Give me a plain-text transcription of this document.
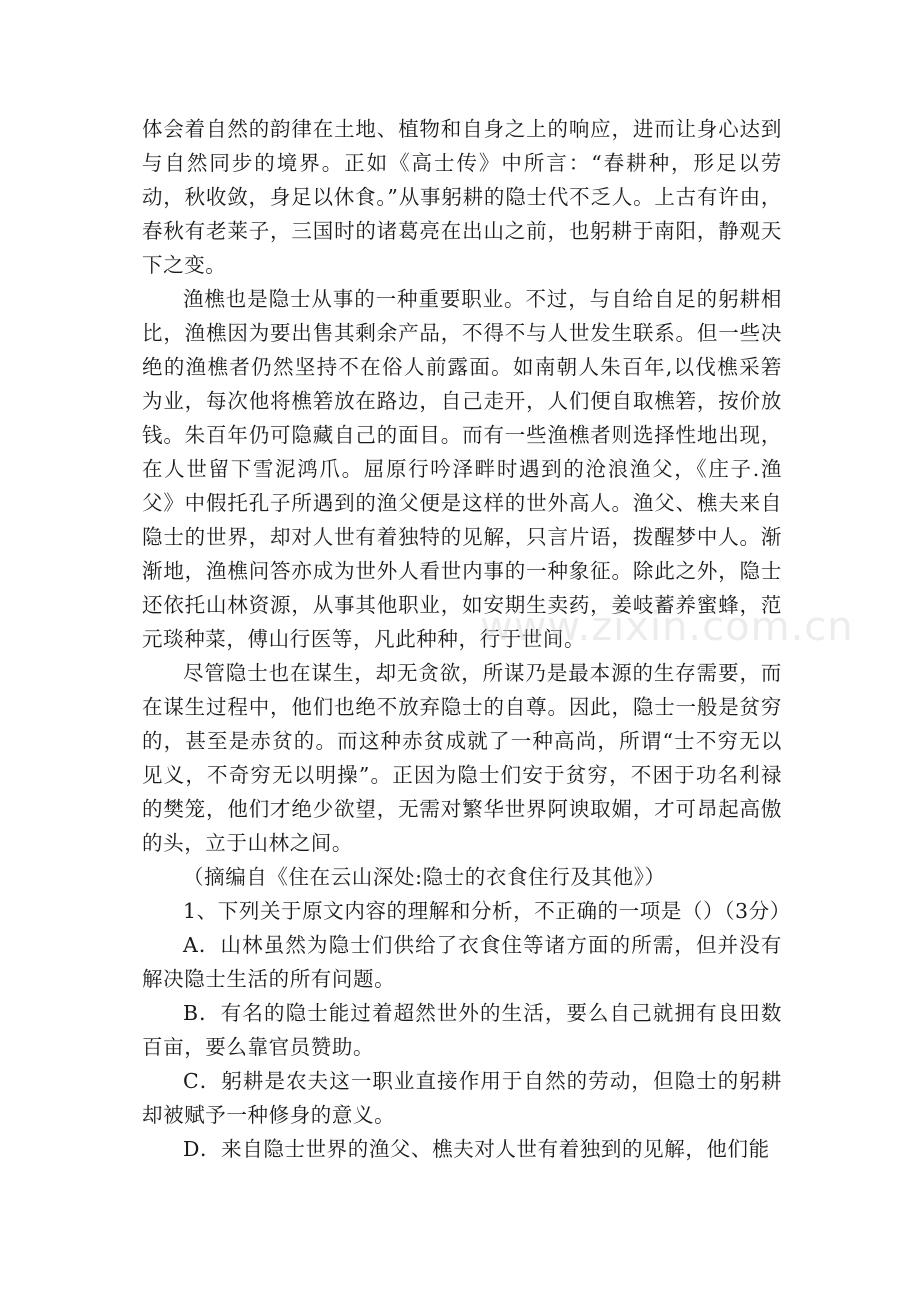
体会着自然的韵律在土地、植物和自身之上的响应，进而让身心达到与自然同步的境界。正如《高士传》中所言：“春耕种，形足以劳动，秋收敛，身足以休食。”从事躬耕的隐士代不乏人。上古有许由，春秋有老莱子，三国时的诸葛亮在出山之前，也躬耕于南阳，静观天下之变。

渔樵也是隐士从事的一种重要职业。不过，与自给自足的躬耕相比，渔樵因为要出售其剩余产品，不得不与人世发生联系。但一些决绝的渔樵者仍然坚持不在俗人前露面。如南朝人朱百年,以伐樵采箬为业，每次他将樵箬放在路边，自己走开，人们便自取樵箬，按价放钱。朱百年仍可隐藏自己的面目。而有一些渔樵者则选择性地出现，在人世留下雪泥鸿爪。屈原行吟泽畔时遇到的沧浪渔父，《庄子.渔父》中假托孔子所遇到的渔父便是这样的世外高人。渔父、樵夫来自隐士的世界，却对人世有着独特的见解，只言片语，拨醒梦中人。渐渐地，渔樵问答亦成为世外人看世内事的一种象征。除此之外，隐士还依托山林资源，从事其他职业，如安期生卖药，姜岐蓄养蜜蜂，范元琰种菜，傅山行医等，凡此种种，行于世间。

尽管隐士也在谋生，却无贪欲，所谋乃是最本源的生存需要，而在谋生过程中，他们也绝不放弃隐士的自尊。因此，隐士一般是贫穷的，甚至是赤贫的。而这种赤贫成就了一种高尚，所谓“士不穷无以见义，不奇穷无以明操”。正因为隐士们安于贫穷，不困于功名利禄的樊笼，他们才绝少欲望，无需对繁华世界阿谀取媚，才可昂起高傲的头，立于山林之间。

（摘编自《住在云山深处:隐士的衣食住行及其他》）

1、下列关于原文内容的理解和分析，不正确的一项是（）（3分）

A．山林虽然为隐士们供给了衣食住等诸方面的所需，但并没有解决隐士生活的所有问题。

B．有名的隐士能过着超然世外的生活，要么自己就拥有良田数百亩，要么靠官员赞助。

C．躬耕是农夫这一职业直接作用于自然的劳动，但隐士的躬耕却被赋予一种修身的意义。

D．来自隐士世界的渔父、樵夫对人世有着独到的见解，他们能

www.zixin.com.cn
